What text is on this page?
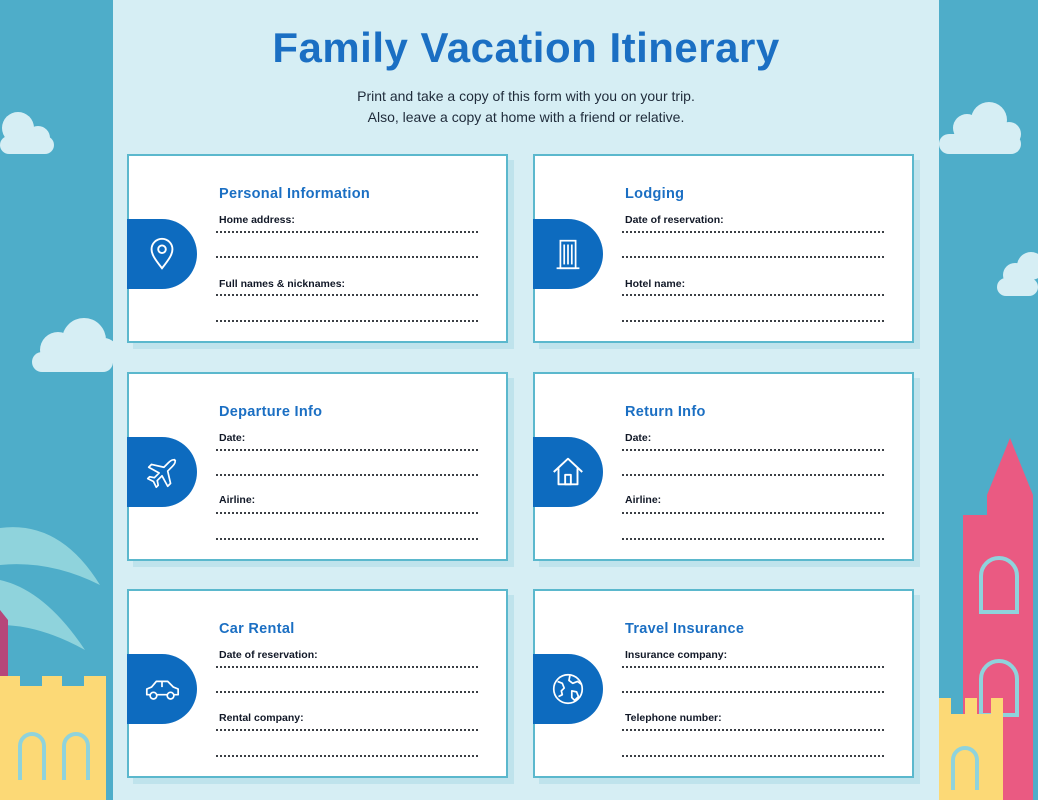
Family Vacation Itinerary
Print and take a copy of this form with you on your trip.
Also, leave a copy at home with a friend or relative.
Personal Information
Home address:
Full names & nicknames:
Lodging
Date of reservation:
Hotel name:
Departure Info
Date:
Airline:
Return Info
Date:
Airline:
Car Rental
Date of reservation:
Rental company:
Travel Insurance
Insurance company:
Telephone number:
